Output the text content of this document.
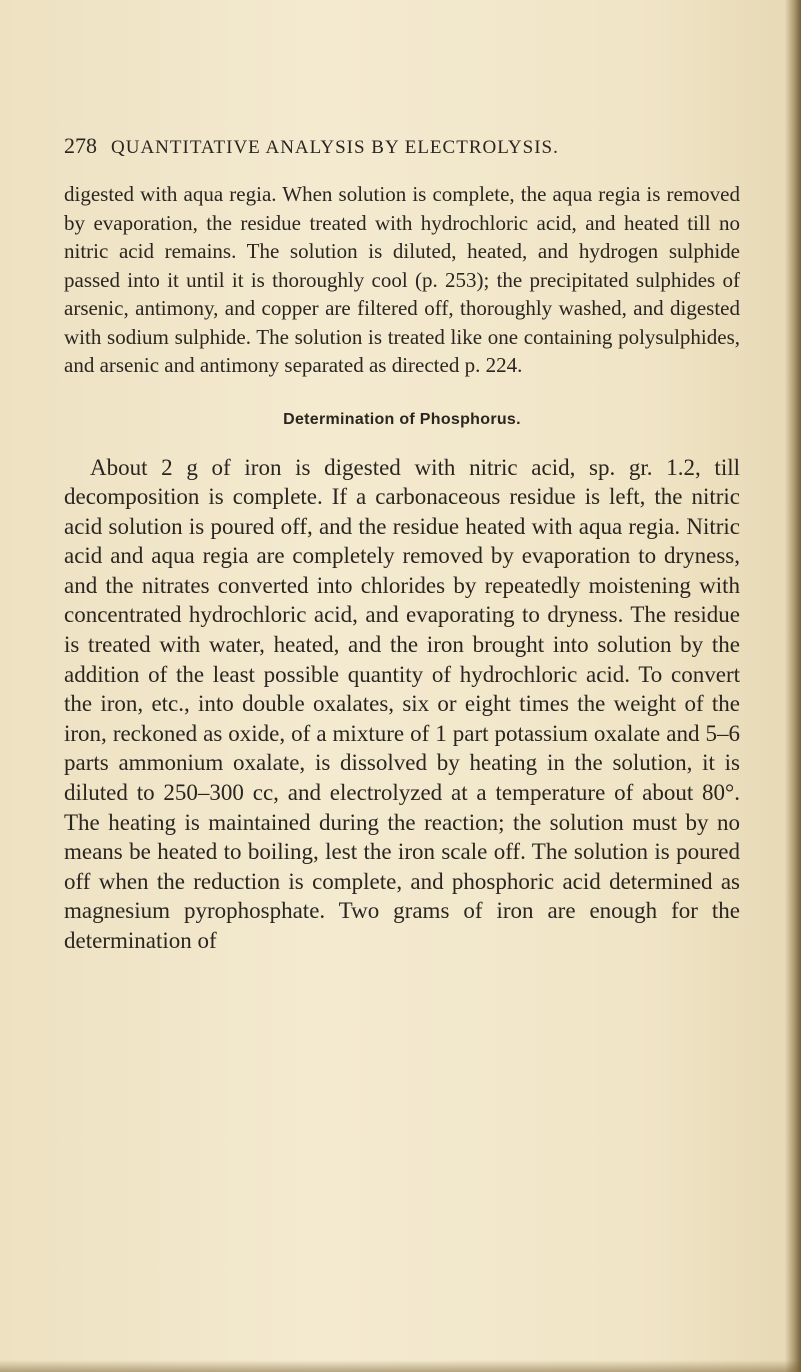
278 QUANTITATIVE ANALYSIS BY ELECTROLYSIS.

digested with aqua regia. When solution is complete, the aqua regia is removed by evaporation, the residue treated with hydrochloric acid, and heated till no nitric acid remains. The solution is diluted, heated, and hydrogen sulphide passed into it until it is thoroughly cool (p. 253); the precipitated sulphides of arsenic, antimony, and copper are filtered off, thoroughly washed, and digested with sodium sulphide. The solution is treated like one containing polysulphides, and arsenic and antimony separated as directed p. 224.

Determination of Phosphorus.

About 2 g of iron is digested with nitric acid, sp. gr. 1.2, till decomposition is complete. If a carbonaceous residue is left, the nitric acid solution is poured off, and the residue heated with aqua regia. Nitric acid and aqua regia are completely removed by evaporation to dryness, and the nitrates converted into chlorides by repeatedly moistening with concentrated hydrochloric acid, and evaporating to dryness. The residue is treated with water, heated, and the iron brought into solution by the addition of the least possible quantity of hydrochloric acid. To convert the iron, etc., into double oxalates, six or eight times the weight of the iron, reckoned as oxide, of a mixture of 1 part potassium oxalate and 5–6 parts ammonium oxalate, is dissolved by heating in the solution, it is diluted to 250–300 cc, and electrolyzed at a temperature of about 80°. The heating is maintained during the reaction; the solution must by no means be heated to boiling, lest the iron scale off. The solution is poured off when the reduction is complete, and phosphoric acid determined as magnesium pyrophosphate. Two grams of iron are enough for the determination of
